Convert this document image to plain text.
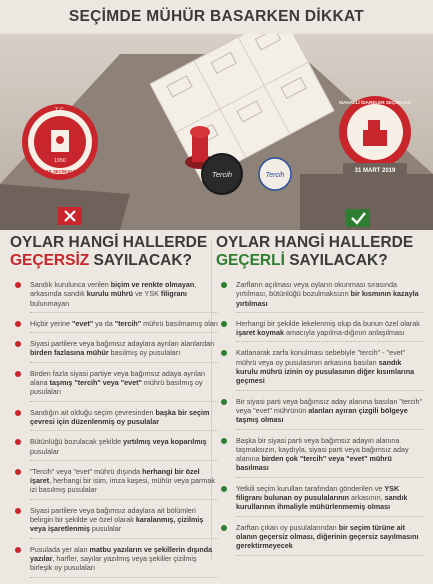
SEÇİMDE MÜHÜR BASARKEN DİKKAT
T.C.
1950
YÜKSEK SEÇİM KURULU
MAHALLİ İDARELER SEÇİMLERİ
31 MART 2019
Tercih	Tercih
OYLAR HANGİ HALLERDE
GEÇERSİZ SAYILACAK?
Sandık kurulunca verilen biçim ve renkte olmayan, arkasında sandık kurulu mührü ve YSK filigranı bulunmayan
Hiçbir yerine "evet" ya da "tercih" mührü basılmamış olan
Siyasi partilere veya bağımsız adaylara ayrılan alanlardan birden fazlasına mühür basılmış oy pusulaları
Birden fazla siyasi partiye veya bağımsız adaya ayrılan alana taşmış "tercih" veya "evet" mührü basılmış oy pusulaları
Sandığın ait olduğu seçim çevresinden başka bir seçim çevresi için düzenlenmiş oy pusulalar
Bütünlüğü bozulacak şekilde yırtılmış veya koparılmış pusulalar
"Tercih" veya "evet" mührü dışında herhangi bir özel işaret, herhangi bir isim, imza kaşesi, mühür veya parmak izi basılmış pusulalar
Siyasi partilere veya bağımsız adaylara ait bölümleri belirgin bir şekilde ve özel olarak karalanmış, çizilmiş veya işaretlenmiş pusulalar
Pusulada yer alan matbu yazıların ve şekillerin dışında yazılar, harfler, sayılar yazılmış veya şekiller çizilmiş birleşik oy pusulaları
OYLAR HANGİ HALLERDE
GEÇERLİ SAYILACAK?
Zarfların açılması veya oyların okunması sırasında yırtılması, bütünlüğü bozulmaksızın bir kısmının kazayla yırtılması
Herhangi bir şekilde lekelenmiş olup da bunun özel olarak işaret koymak amacıyla yapılma-dığının anlaşılması
Katlanarak zarfa konulması sebebiyle "tercih" - "evet" mührü veya oy pusulasının arkasına basılan sandık kurulu mührü izinin oy pusulasının diğer kısımlarına geçmesi
Bir siyasi parti veya bağımsız aday alanına basılan "tercih" veya "evet" mührünün alanları ayıran çizgili bölgeye taşmış olması
Başka bir siyasi parti veya bağımsız adayın alanına taşmaksızın, kaydıyla, siyasi parti veya bağımsız aday alanına birden çok "tercih" veya "evet" mührü basılması
Yetkili seçim kurulları tarafından gönderilen ve YSK filigranı bulunan oy pusulalarının arkasının, sandık kurullarının ihmaliyle mühürlenmemiş olması
Zarftan çıkan oy pusulalarından bir seçim türüne ait olanın geçersiz olması, diğerinin geçersiz sayılmasını gerektirmeyecek
